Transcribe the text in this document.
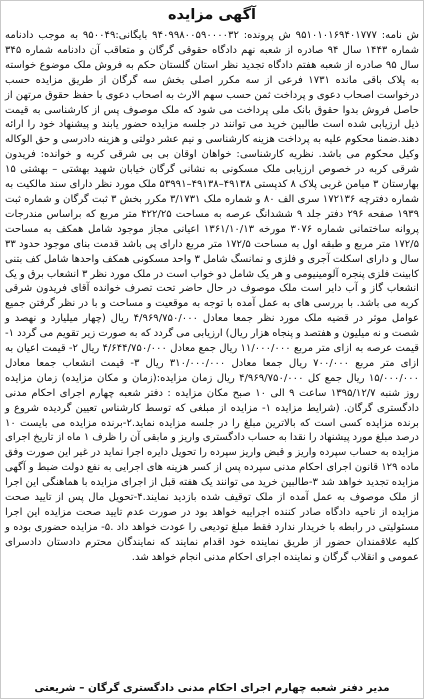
آگهی مزایده

ش نامه: ۹۵۱۰۱۰۱۶۹۴۰۱۷۷۷ ش پرونده: ۹۴۰۹۹۸۰۰۵۹۰۰۰۰۳۲ بایگانی:۹۵۰۰۴۹ به موجب دادنامه شماره ۱۴۴۳ سال ۹۴ صادره از شعبه نهم دادگاه حقوقی گرگان و متعاقب آن دادنامه شماره ۳۴۵ سال ۹۵ صادره از شعبه هفتم دادگاه تجدید نظر استان گلستان حکم به فروش ملک موضوع خواسته به پلاک باقی مانده ۱۷۳۱ فرعی از سه مکرر اصلی بخش سه گرگان از طریق مزایده حسب درخواست اصحاب دعوی و پرداخت ثمن حسب سهم الارث به اصحاب دعوی با حفظ حقوق مرتهن از حاصل فروش بدوا حقوق بانک ملی پرداخت می شود که ملک موصوف پس از کارشناسی به قیمت ذیل ارزیابی شده است طالبین خرید می توانند در جلسه مزایده حضور یابند و پیشنهاد خود را ارائه دهند.ضمنا محکوم علیه به پرداخت هزینه کارشناسی و نیم عشر دولتی و هزینه دادرسی و حق الوکاله وکیل محکوم می باشد. نظریه کارشناسی: خواهان اوقان بی بی شرقی کربه و خوانده: فریدون شرقی کربه در خصوص ارزیابی ملک مسکونی به نشانی گرگان خیابان شهید بهشتی – بهشتی ۱۵ بهارستان ۳ میامن غربی پلاک ۸ کدپستی ۴۹۱۳۸–۴۹۱۳۸–۵۳۹۹۱ ملک مورد نظر دارای سند مالکیت به شماره دفترچه ۱۷۲۱۳۶ سری الف ۸۰ و شماره ملک ۳/۱۷۳۱ مکرر بخش ۳ ثبت گرگان و شماره ثبت ۱۹۳۹ صفحه ۲۹۶ دفتر جلد ۹ ششدانگ عرصه به مساحت ۴۲۲/۲۵ متر مربع که براساس مندرجات پروانه ساختمانی شماره ۳۰۷۶ مورخه ۱۳۶۱/۱۰/۱۳ اعیانی مجاز موجود شامل همکف به مساحت ۱۷۲/۵ متر مربع و طبقه اول به مساحت ۱۷۲/۵ متر مربع دارای پی باشد قدمت بنای موجود حدود ۳۳ سال و دارای اسکلت آجری و فلزی و نمانسگ شامل ۳ واحد مسکونی همکف واحدها شامل کف بتنی کابینت فلزی پنجره آلومینیومی و هر یک شامل دو خواب است در ملک مورد نظر ۳ انشعاب برق و یک انشعاب گاز و آب دایر است ملک موصوف در حال حاضر تحت تصرف خوانده آقای فریدون شرقی کربه می باشد. با بررسی های به عمل آمده با توجه به موقعیت و مساحت و با در نظر گرفتن جمیع عوامل موثر در قضیه ملک مورد نظر جمعا معادل ۴/۹۶۹/۷۵۰/۰۰۰ ریال (چهار میلیارد و نهصد و شصت و نه میلیون و هفتصد و پنجاه هزار ریال) ارزیابی می گردد که به صورت زیر تقویم می گردد ۱- قیمت عرصه به ازای متر مربع ۱۱/۰۰۰/۰۰۰ ریال جمع معادل ۴/۶۴۴/۷۵۰/۰۰۰ ریال ۲- قیمت اعیان به ازای متر مربع ۷۰۰/۰۰۰ ریال جمعا معادل ۳۱۰/۰۰۰/۰۰۰ ریال ۳- قیمت انشعاب جمعا معادل ۱۵/۰۰۰/۰۰۰ ریال جمع کل ۴/۹۶۹/۷۵۰/۰۰۰ ریال زمان مزایده:(زمان و مکان مزایده) زمان مزایده روز شنبه ۱۳۹۵/۱۲/۷ ساعت ۹ الی ۱۰ صبح مکان مزایده : دفتر شعبه چهارم اجرای احکام مدنی دادگستری گرگان. (شرایط مزایده ۱- مزایده از مبلغی که توسط کارشناس تعیین گردیده شروع و برنده مزایده کسی است که بالاترین مبلغ را در جلسه مزایده نماید.۲-برنده مزایده می بایست ۱۰ درصد مبلغ مورد پیشنهاد را نقدا به حساب دادگستری واریز و مابقی آن را ظرف ۱ ماه از تاریخ اجرای مزایده به حساب سپرده واریز و قبض واریز سپرده را تحویل دایره اجرا نماید در غیر این صورت وفق ماده ۱۲۹ قانون اجرای احکام مدنی سپرده پس از کسر هزینه های اجرایی به نفع دولت ضبط و آگهی مزایده تجدید خواهد شد ۳-طالبین خرید می توانند یک هفته قبل از اجرای مزایده با هماهنگی این اجرا از ملک موصوف به عمل آمده از ملک توقیف شده بازدید نمایند.۴-تحویل مال پس از تایید صحت مزایده از ناحیه دادگاه صادر کننده اجراییه خواهد بود در صورت عدم تایید صحت مزایده این اجرا مسئولیتی در رابطه با خریدار ندارد فقط مبلغ تودیعی را عودت خواهد داد .۵- مزایده حضوری بوده و کلیه علاقمندان حضور از طریق نماینده خود اقدام نمایند که نمایندگان محترم دادستان دادسرای عمومی و انقلاب گرگان و نماینده اجرای احکام مدنی انجام خواهد شد.

مدیر دفتر شعبه چهارم اجرای احکام مدنی دادگستری گرگان – شریعتی
